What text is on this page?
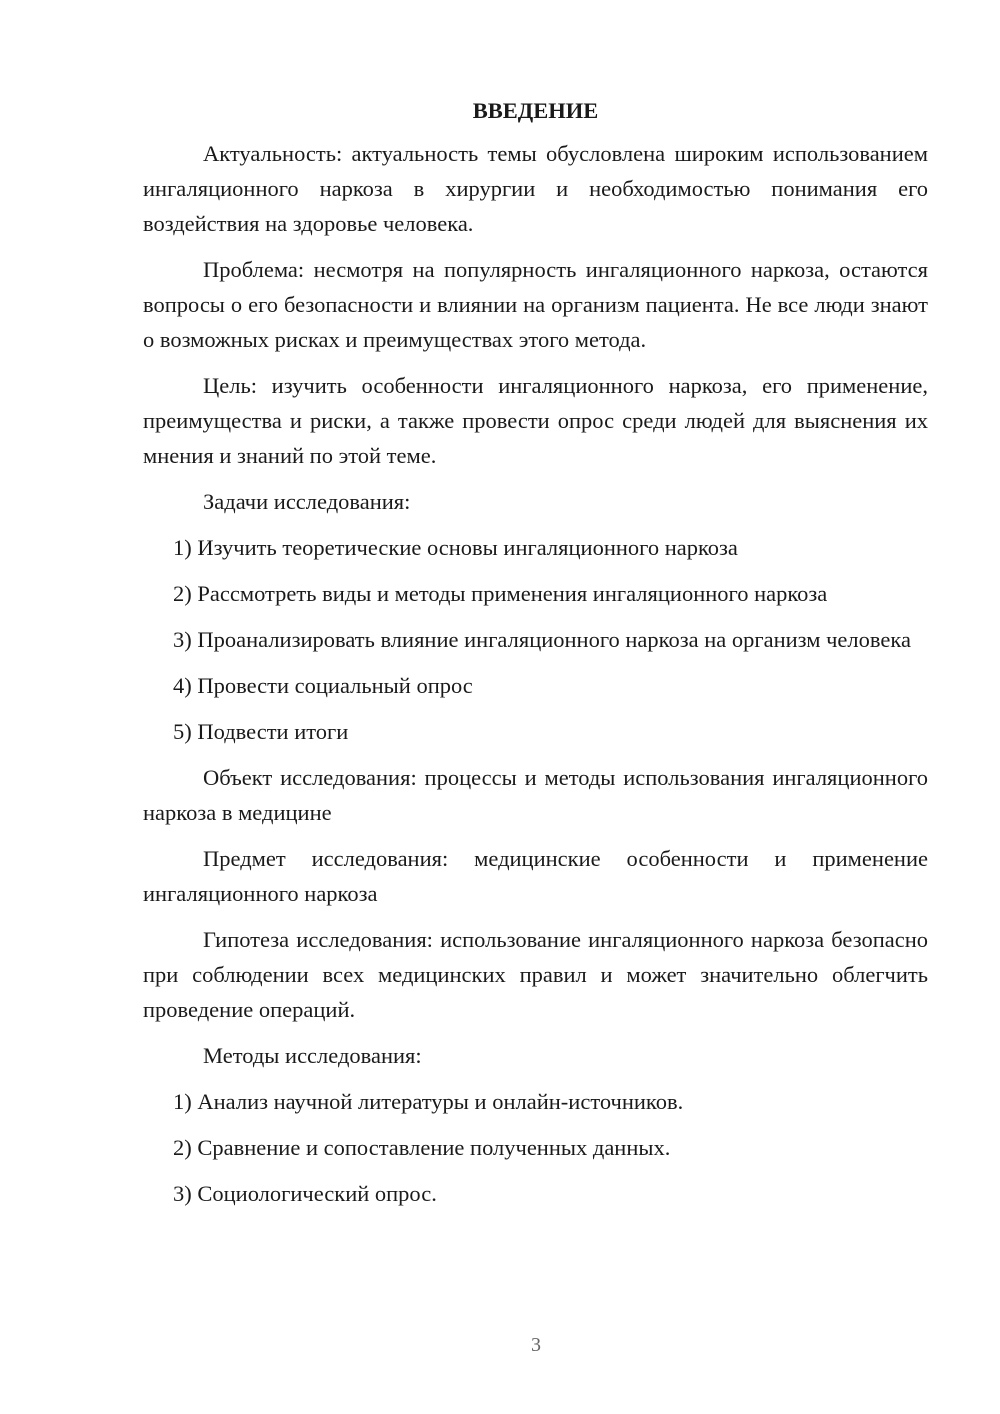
ВВЕДЕНИЕ

Актуальность: актуальность темы обусловлена широким использованием ингаляционного наркоза в хирургии и необходимостью понимания его воздействия на здоровье человека.

Проблема: несмотря на популярность ингаляционного наркоза, остаются вопросы о его безопасности и влиянии на организм пациента. Не все люди знают о возможных рисках и преимуществах этого метода.

Цель: изучить особенности ингаляционного наркоза, его применение, преимущества и риски, а также провести опрос среди людей для выяснения их мнения и знаний по этой теме.

Задачи исследования:

1) Изучить теоретические основы ингаляционного наркоза

2) Рассмотреть виды и методы применения ингаляционного наркоза

3) Проанализировать влияние ингаляционного наркоза на организм человека

4) Провести социальный опрос

5) Подвести итоги

Объект исследования: процессы и методы использования ингаляционного наркоза в медицине

Предмет исследования: медицинские особенности и применение ингаляционного наркоза

Гипотеза исследования: использование ингаляционного наркоза безопасно при соблюдении всех медицинских правил и может значительно облегчить проведение операций.

Методы исследования:

1) Анализ научной литературы и онлайн-источников.

2) Сравнение и сопоставление полученных данных.

3) Социологический опрос.

3
